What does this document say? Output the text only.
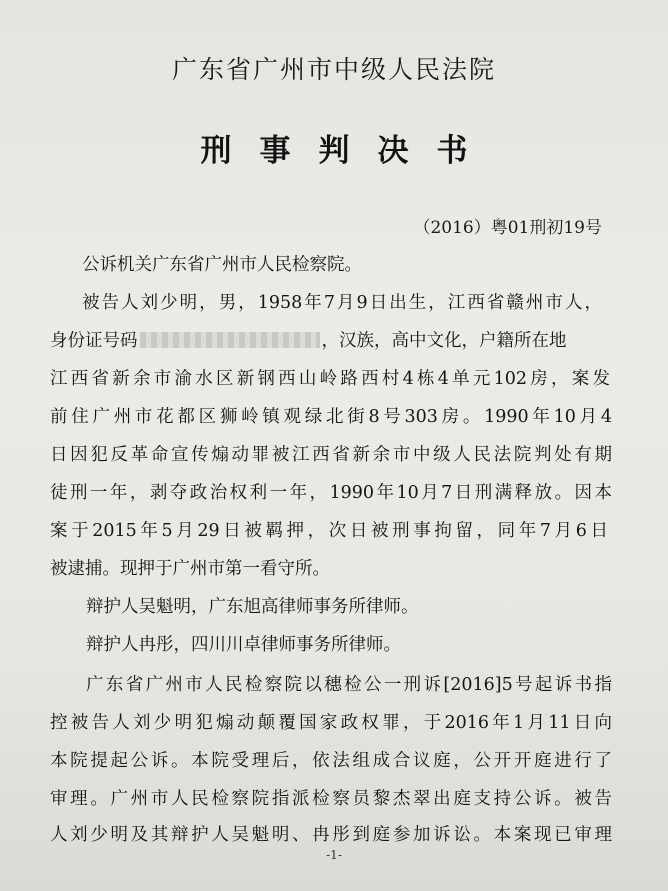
广东省广州市中级人民法院
刑事判决书
（2016）粤01刑初19号
公诉机关广东省广州市人民检察院。
被告人刘少明，男，1958年7月9日出生，江西省赣州市人，
身份证号码	，汉族，高中文化，户籍所在地
江西省新余市渝水区新钢西山岭路西村4栋4单元102房，案发
前住广州市花都区狮岭镇观绿北街8号303房。1990年10月4
日因犯反革命宣传煽动罪被江西省新余市中级人民法院判处有期
徒刑一年，剥夺政治权利一年，1990年10月7日刑满释放。因本
案于2015年5月29日被羁押，次日被刑事拘留，同年7月6日
被逮捕。现押于广州市第一看守所。
辩护人吴魁明，广东旭高律师事务所律师。
辩护人冉彤，四川川卓律师事务所律师。
广东省广州市人民检察院以穗检公一刑诉[2016]5号起诉书指
控被告人刘少明犯煽动颠覆国家政权罪，于2016年1月11日向
本院提起公诉。本院受理后，依法组成合议庭，公开开庭进行了
审理。广州市人民检察院指派检察员黎杰翠出庭支持公诉。被告
人刘少明及其辩护人吴魁明、冉彤到庭参加诉讼。本案现已审理
-1-
